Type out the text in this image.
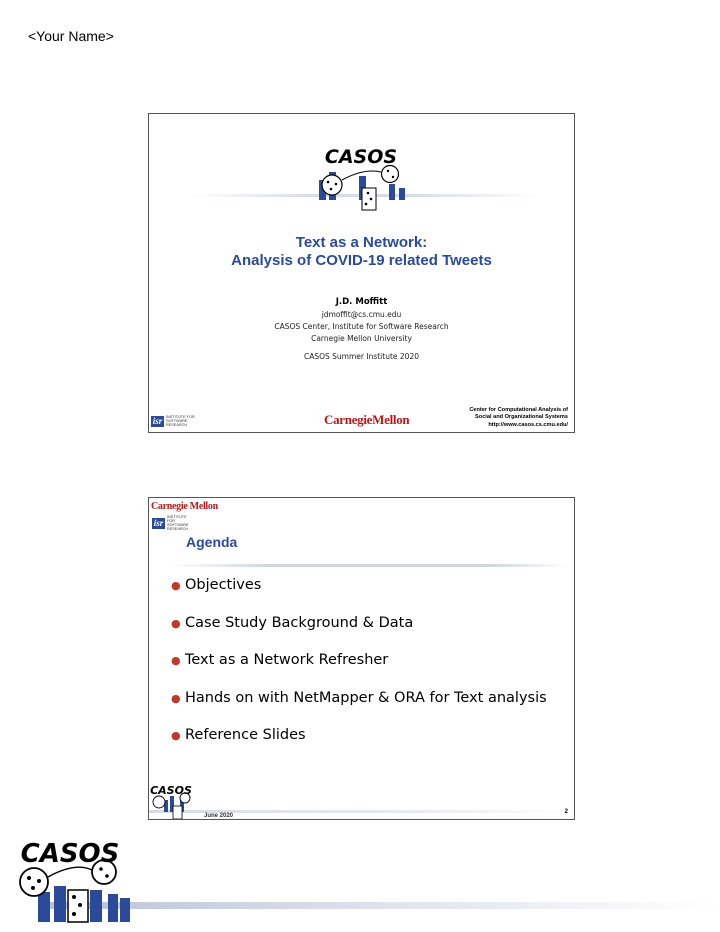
<Your Name>
CASOS
Text as a Network:
Analysis of COVID-19 related Tweets
J.D. Moffitt
jdmoffit@cs.cmu.edu
CASOS Center, Institute for Software Research
Carnegie Mellon University
CASOS Summer Institute 2020
isr INSTITUTE FOR SOFTWARE RESEARCH	CarnegieMellon
Center for Computational Analysis of
Social and Organizational Systems
http://www.casos.cs.cmu.edu/
Carnegie Mellon
isr
INSTITUTE FOR SOFTWARE RESEARCH
Agenda
● Objectives
● Case Study Background & Data
● Text as a Network Refresher
● Hands on with NetMapper & ORA for Text analysis
● Reference Slides
CASOS
2
June 2020
CASOS
